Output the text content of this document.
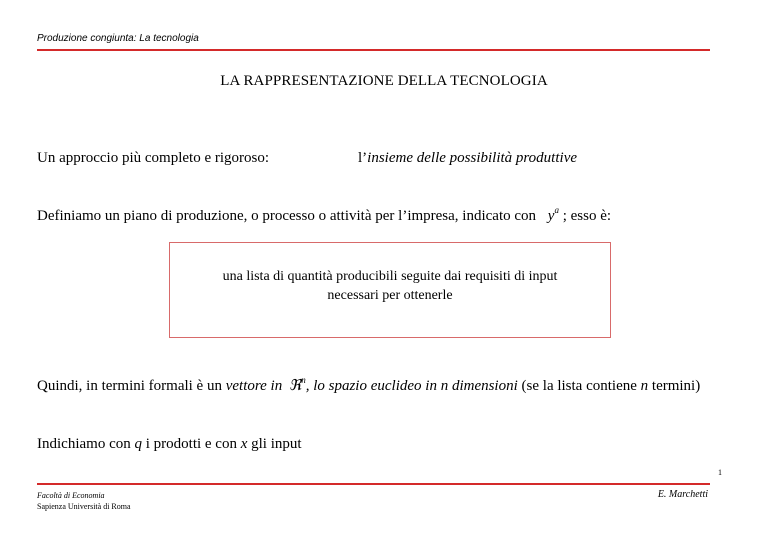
Produzione congiunta: La tecnologia
LA RAPPRESENTAZIONE DELLA TECNOLOGIA
Un approccio più completo e rigoroso:	l’insieme delle possibilità produttive
Definiamo un piano di produzione, o processo o attività per l’impresa, indicato con $y^a$ ; esso è:
una lista di quantità producibili seguite dai requisiti di input
necessari per ottenerle
Quindi, in termini formali è un vettore in ℜ$^n$, lo spazio euclideo in n dimensioni (se la lista contiene n termini)
Indichiamo con q i prodotti e con x gli input
1
Facoltà di Economia
Sapienza Università di Roma
E. Marchetti
